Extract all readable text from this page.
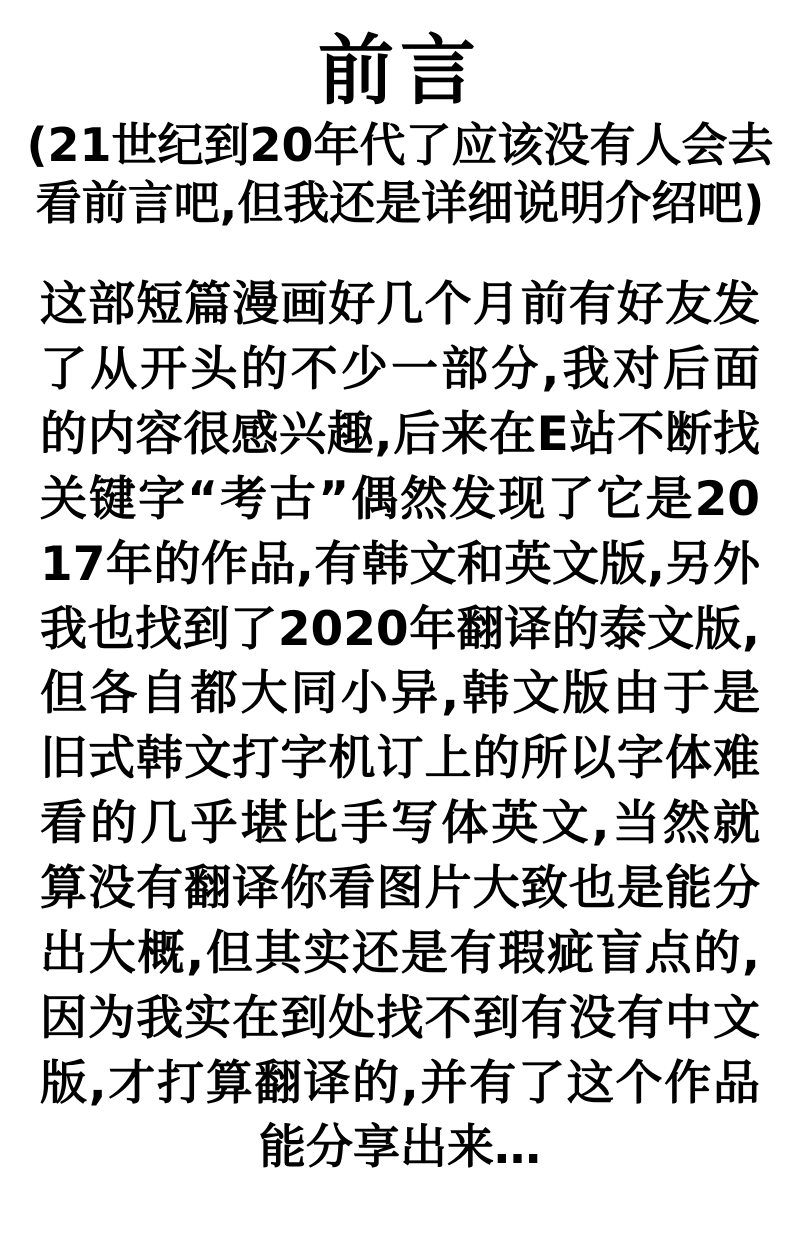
前言
(21世纪到20年代了应该没有人会去看前言吧,但我还是详细说明介绍吧)

这部短篇漫画好几个月前有好友发了从开头的不少一部分,我对后面的内容很感兴趣,后来在E站不断找关键字“考古”偶然发现了它是2017年的作品,有韩文和英文版,另外我也找到了2020年翻译的泰文版,但各自都大同小异,韩文版由于是旧式韩文打字机订上的所以字体难看的几乎堪比手写体英文,当然就算没有翻译你看图片大致也是能分出大概,但其实还是有瑕疵盲点的,因为我实在到处找不到有没有中文版,才打算翻译的,并有了这个作品能分享出来…
